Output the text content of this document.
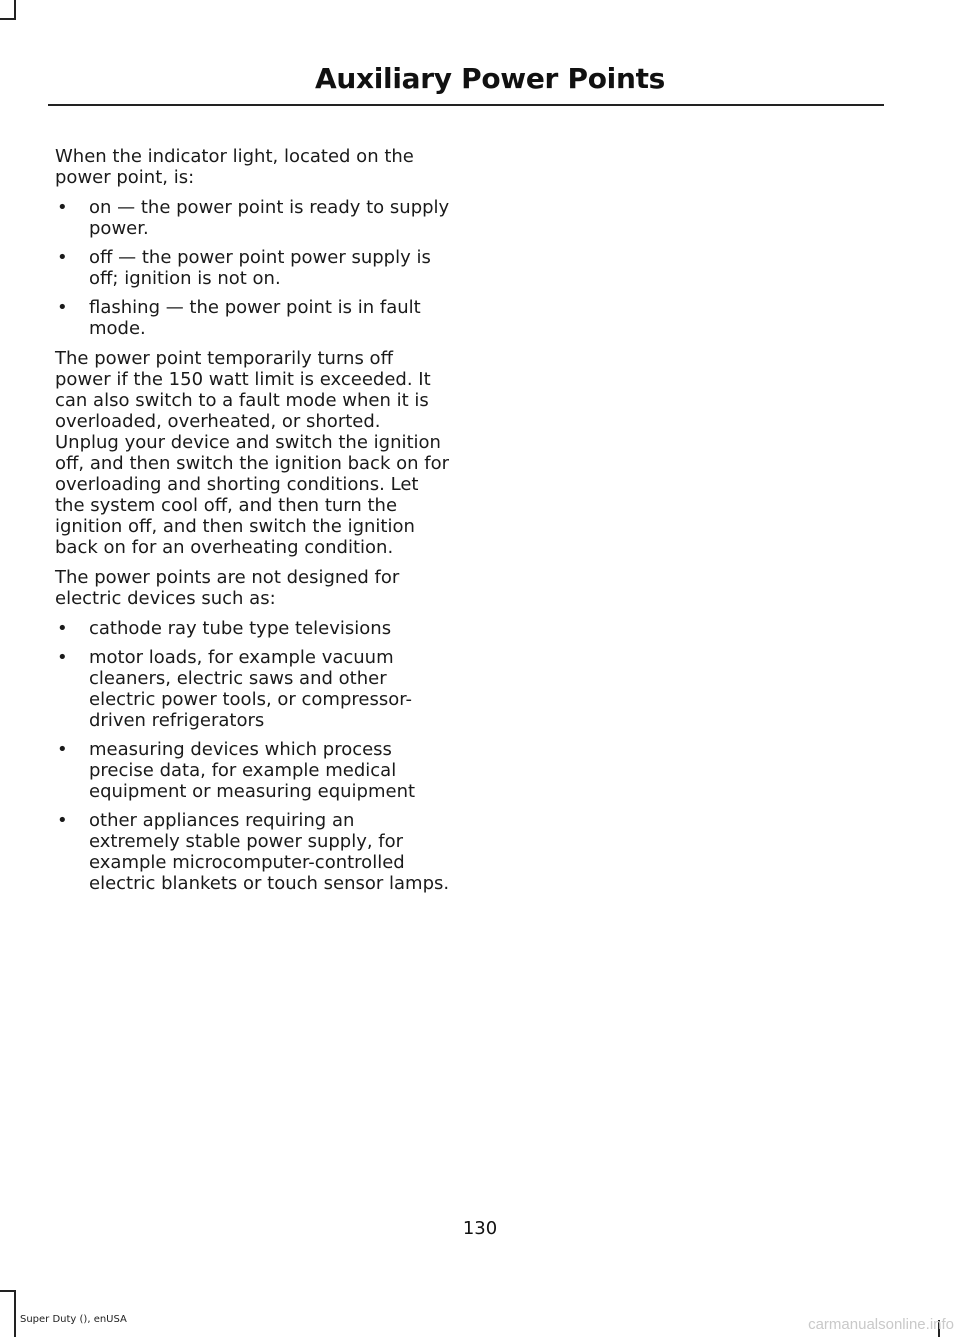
Auxiliary Power Points

When the indicator light, located on the power point, is:

• on — the power point is ready to supply power.
• off — the power point power supply is off; ignition is not on.
• flashing — the power point is in fault mode.

The power point temporarily turns off power if the 150 watt limit is exceeded. It can also switch to a fault mode when it is overloaded, overheated, or shorted. Unplug your device and switch the ignition off, and then switch the ignition back on for overloading and shorting conditions. Let the system cool off, and then turn the ignition off, and then switch the ignition back on for an overheating condition.

The power points are not designed for electric devices such as:

• cathode ray tube type televisions
• motor loads, for example vacuum cleaners, electric saws and other electric power tools, or compressor-driven refrigerators
• measuring devices which process precise data, for example medical equipment or measuring equipment
• other appliances requiring an extremely stable power supply, for example microcomputer-controlled electric blankets or touch sensor lamps.
130
Super Duty (), enUSA	carmanualsonline.info
